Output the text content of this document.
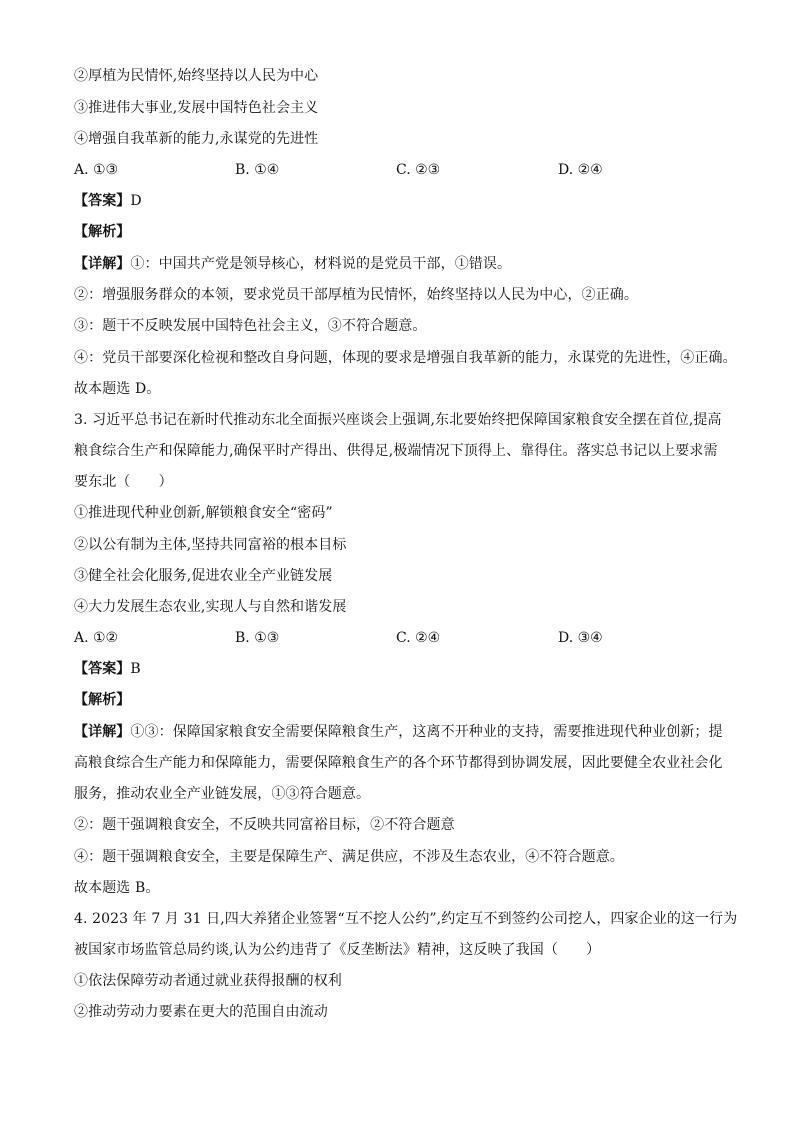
②厚植为民情怀,始终坚持以人民为中心
③推进伟大事业,发展中国特色社会主义
④增强自我革新的能力,永谋党的先进性
A. ①③	B. ①④	C. ②③	D. ②④
【答案】D
【解析】
【详解】①：中国共产党是领导核心，材料说的是党员干部，①错误。
②：增强服务群众的本领，要求党员干部厚植为民情怀，始终坚持以人民为中心，②正确。
③：题干不反映发展中国特色社会主义，③不符合题意。
④：党员干部要深化检视和整改自身问题，体现的要求是增强自我革新的能力，永谋党的先进性，④正确。
故本题选 D。
3. 习近平总书记在新时代推动东北全面振兴座谈会上强调,东北要始终把保障国家粮食安全摆在首位,提高
粮食综合生产和保障能力,确保平时产得出、供得足,极端情况下顶得上、靠得住。落实总书记以上要求需
要东北（　　）
①推进现代种业创新,解锁粮食安全“密码”
②以公有制为主体,坚持共同富裕的根本目标
③健全社会化服务,促进农业全产业链发展
④大力发展生态农业,实现人与自然和谐发展
A. ①②	B. ①③	C. ②④	D. ③④
【答案】B
【解析】
【详解】①③：保障国家粮食安全需要保障粮食生产，这离不开种业的支持，需要推进现代种业创新；提
高粮食综合生产能力和保障能力，需要保障粮食生产的各个环节都得到协调发展，因此要健全农业社会化
服务，推动农业全产业链发展，①③符合题意。
②：题干强调粮食安全，不反映共同富裕目标，②不符合题意
④：题干强调粮食安全，主要是保障生产、满足供应，不涉及生态农业，④不符合题意。
故本题选 B。
4. 2023 年 7 月 31 日,四大养猪企业签署“互不挖人公约”,约定互不到签约公司挖人，四家企业的这一行为
被国家市场监管总局约谈,认为公约违背了《反垄断法》精神，这反映了我国（　　）
①依法保障劳动者通过就业获得报酬的权利
②推动劳动力要素在更大的范围自由流动
